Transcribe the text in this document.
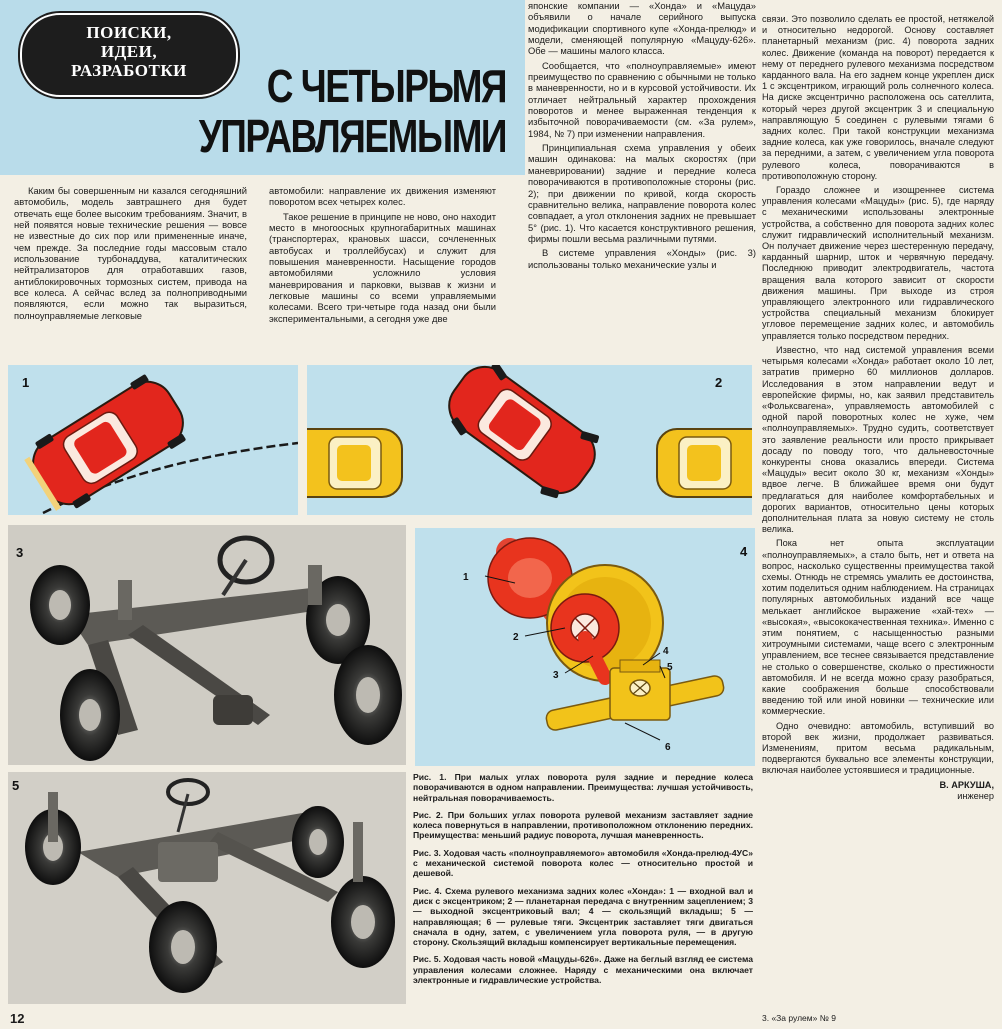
ПОИСКИ,
ИДЕИ,
РАЗРАБОТКИ	С ЧЕТЫРЬМЯ
УПРАВЛЯЕМЫМИ

Каким бы совершенным ни казался сегодняшний автомобиль, модель завтрашнего дня будет отвечать еще более высоким требованиям. Значит, в ней появятся новые технические решения — вовсе не известные до сих пор или примененные иначе, чем прежде. За последние годы массовым стало использование турбонаддува, каталитических нейтрализаторов для отработавших газов, антиблокировочных тормозных систем, привода на все колеса. А сейчас вслед за полноприводными появляются, если можно так выразиться, полноуправляемые легковые

автомобили: направление их движения изменяют поворотом всех четырех колес.

Такое решение в принципе не ново, оно находит место в многоосных крупногабаритных машинах (транспортерах, крановых шасси, сочлененных автобусах и троллейбусах) и служит для повышения маневренности. Насыщение городов автомобилями усложнило условия маневрирования и парковки, вызвав к жизни и легковые машины со всеми управляемыми колесами. Всего три-четыре года назад они были экспериментальными, а сегодня уже две

японские компании — «Хонда» и «Мацуда» объявили о начале серийного выпуска модификации спортивного купе «Хонда-прелюд» и модели, сменяющей популярную «Мацуду-626». Обе — машины малого класса.

Сообщается, что «полноуправляемые» имеют преимущество по сравнению с обычными не только в маневренности, но и в курсовой устойчивости. Их отличает нейтральный характер прохождения поворотов и менее выраженная тенденция к избыточной поворачиваемости (см. «За рулем», 1984, № 7) при изменении направления.

Принципиальная схема управления у обеих машин одинакова: на малых скоростях (при маневрировании) задние и передние колеса поворачиваются в противоположные стороны (рис. 2); при движении по кривой, когда скорость сравнительно велика, направление поворота колес совпадает, а угол отклонения задних не превышает 5° (рис. 1). Что касается конструктивного решения, фирмы пошли весьма различными путями.

В системе управления «Хонды» (рис. 3) использованы только механические узлы и

связи. Это позволило сделать ее простой, нетяжелой и относительно недорогой. Основу составляет планетарный механизм (рис. 4) поворота задних колес. Движение (команда на поворот) передается к нему от переднего рулевого механизма посредством карданного вала. На его заднем конце укреплен диск 1 с эксцентриком, играющий роль солнечного колеса. На диске эксцентрично расположена ось сателлита, который через другой эксцентрик 3 и специальную направляющую 5 соединен с рулевыми тягами 6 задних колес. При такой конструкции механизма задние колеса, как уже говорилось, вначале следуют за передними, а затем, с увеличением угла поворота рулевого колеса, поворачиваются в противоположную сторону.

Гораздо сложнее и изощреннее система управления колесами «Мацуды» (рис. 5), где наряду с механическими использованы электронные устройства, а собственно для поворота задних колес служит гидравлический исполнительный механизм. Он получает движение через шестеренную передачу, карданный шарнир, шток и червячную передачу. Последнюю приводит электродвигатель, частота вращения вала которого зависит от скорости движения машины. При выходе из строя управляющего электронного или гидравлического устройства специальный механизм блокирует угловое перемещение задних колес, и автомобиль управляется только посредством передних.

Известно, что над системой управления всеми четырьмя колесами «Хонда» работает около 10 лет, затратив примерно 60 миллионов долларов. Исследования в этом направлении ведут и европейские фирмы, но, как заявил представитель «Фольксвагена», управляемость автомобилей с одной парой поворотных колес не хуже, чем «полноуправляемых». Трудно судить, соответствует это заявление реальности или просто прикрывает досаду по поводу того, что дальневосточные конкуренты снова оказались впереди. Система «Мацуды» весит около 30 кг, механизм «Хонды» вдвое легче. В ближайшее время они будут предлагаться для наиболее комфортабельных и дорогих вариантов, относительно цены которых дополнительная плата за новую систему не столь велика.

Пока нет опыта эксплуатации «полноуправляемых», а стало быть, нет и ответа на вопрос, насколько существенны преимущества такой схемы. Отнюдь не стремясь умалить ее достоинства, хотим поделиться одним наблюдением. На страницах популярных автомобильных изданий все чаще мелькает английское выражение «хай-тех» — «высокая», «высококачественная техника». Именно с этим понятием, с насыщенностью разными хитроумными системами, чаще всего с электронным управлением, все теснее связывается представление не столько о совершенстве, сколько о престижности автомобиля. И не всегда можно сразу разобраться, какие соображения больше способствовали введению той или иной новинки — технические или коммерческие.

Одно очевидно: автомобиль, вступивший во второй век жизни, продолжает развиваться. Изменениям, притом весьма радикальным, подвергаются буквально все элементы конструкции, включая наиболее устоявшиеся и традиционные.

В. АРКУША,

инженер

1	2
3
1
2
3
4
5
6
4
5

Рис. 1. При малых углах поворота руля задние и передние колеса поворачиваются в одном направлении. Преимущества: лучшая устойчивость, нейтральная поворачиваемость.

Рис. 2. При больших углах поворота рулевой механизм заставляет задние колеса повернуться в направлении, противоположном отклонению передних. Преимущества: меньший радиус поворота, лучшая маневренность.

Рис. 3. Ходовая часть «полноуправляемого» автомобиля «Хонда-прелюд-4УС» с механической системой поворота колес — относительно простой и дешевой.

Рис. 4. Схема рулевого механизма задних колес «Хонда»: 1 — входной вал и диск с эксцентриком; 2 — планетарная передача с внутренним зацеплением; 3 — выходной эксцентриковый вал; 4 — скользящий вкладыш; 5 — направляющая; 6 — рулевые тяги. Эксцентрик заставляет тяги двигаться сначала в одну, затем, с увеличением угла поворота руля, — в другую сторону. Скользящий вкладыш компенсирует вертикальные перемещения.

Рис. 5. Ходовая часть новой «Мацуды-626». Даже на беглый взгляд ее система управления колесами сложнее. Наряду с механическими она включает электронные и гидравлические устройства.

12	3. «За рулем» № 9
